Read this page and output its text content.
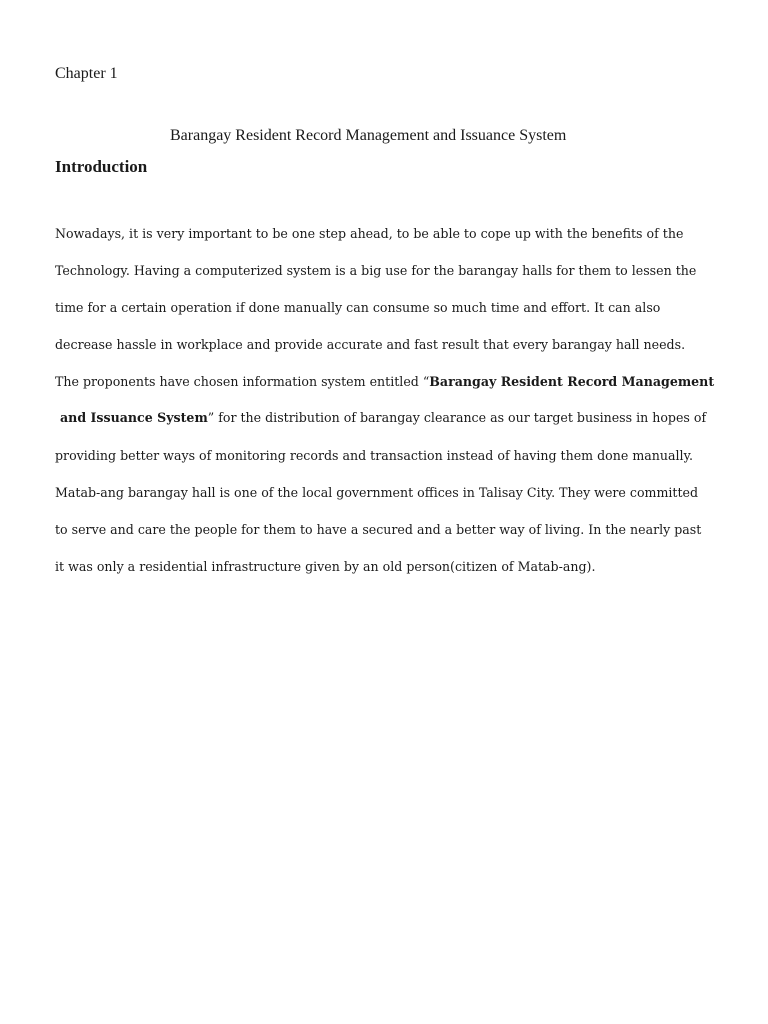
Chapter 1
Barangay Resident Record Management and Issuance System
Introduction
Nowadays, it is very important to be one step ahead, to be able to cope up with the benefits of the
Technology. Having a computerized system is a big use for the barangay halls for them to lessen the
time for a certain operation if done manually can consume so much time and effort. It can also
decrease hassle in workplace and provide accurate and fast result that every barangay hall needs.
The proponents have chosen information system entitled “Barangay Resident Record Management
and Issuance System” for the distribution of barangay clearance as our target business in hopes of
providing better ways of monitoring records and transaction instead of having them done manually.
Matab-ang barangay hall is one of the local government offices in Talisay City. They were committed
to serve and care the people for them to have a secured and a better way of living. In the nearly past
it was only a residential infrastructure given by an old person(citizen of Matab-ang).
